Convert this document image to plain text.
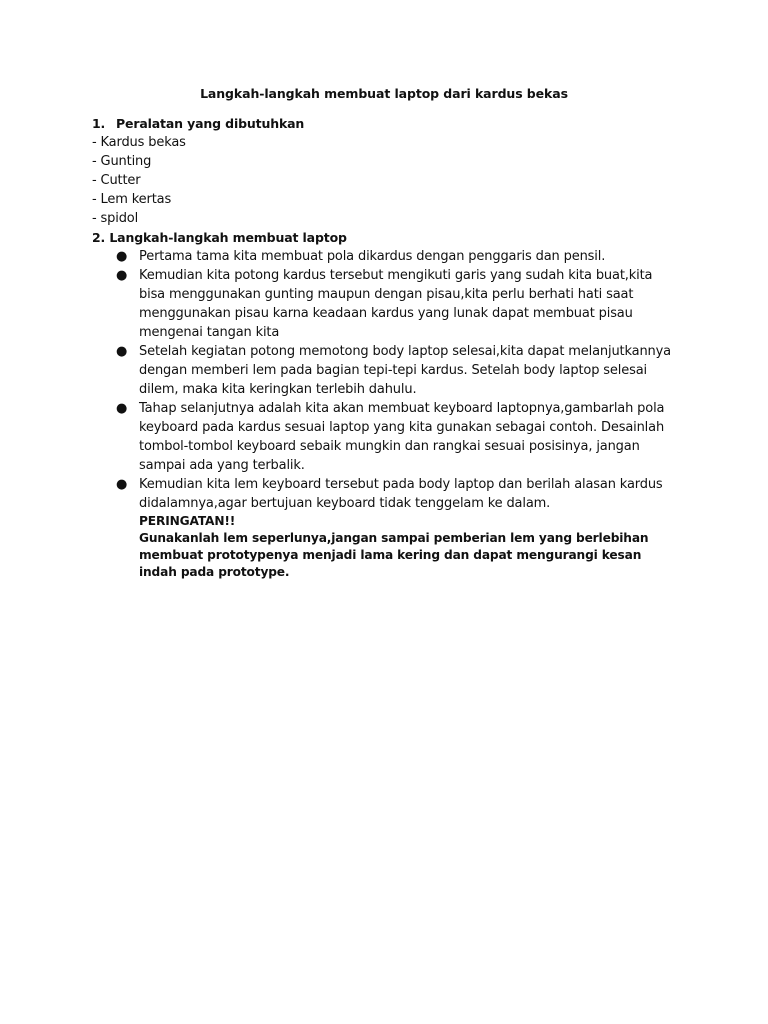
Langkah-langkah membuat laptop dari kardus bekas
1. Peralatan yang dibutuhkan
- Kardus bekas
- Gunting
- Cutter
- Lem kertas
- spidol
2. Langkah-langkah membuat laptop
● Pertama tama kita membuat pola dikardus dengan penggaris dan pensil.
● Kemudian kita potong kardus tersebut mengikuti garis yang sudah kita buat,kita bisa menggunakan gunting maupun dengan pisau,kita perlu berhati hati saat menggunakan pisau karna keadaan kardus yang lunak dapat membuat pisau mengenai tangan kita
● Setelah kegiatan potong memotong body laptop selesai,kita dapat melanjutkannya dengan memberi lem pada bagian tepi-tepi kardus. Setelah body laptop selesai dilem, maka kita keringkan terlebih dahulu.
● Tahap selanjutnya adalah kita akan membuat keyboard laptopnya,gambarlah pola keyboard pada kardus sesuai laptop yang kita gunakan sebagai contoh. Desainlah tombol-tombol keyboard sebaik mungkin dan rangkai sesuai posisinya, jangan sampai ada yang terbalik.
● Kemudian kita lem keyboard tersebut pada body laptop dan berilah alasan kardus didalamnya,agar bertujuan keyboard tidak tenggelam ke dalam.
PERINGATAN!!
Gunakanlah lem seperlunya,jangan sampai pemberian lem yang berlebihan membuat prototypenya menjadi lama kering dan dapat mengurangi kesan indah pada prototype.
